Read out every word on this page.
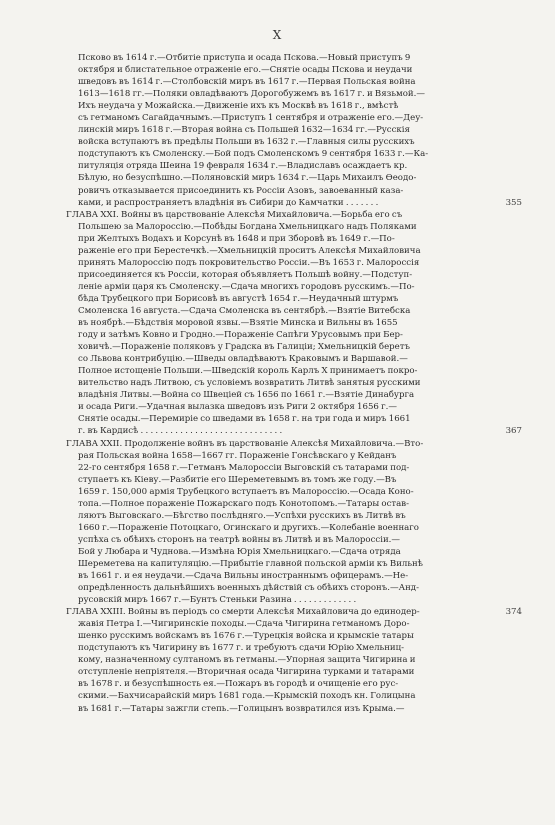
X
Псково въ 1614 г.—Отбитіе приступа и осада Пскова.—Новый приступъ 9
октября и блистательное отраженіе его.—Снятіе осады Пскова и неудачи
шведовъ въ 1614 г.—Столбовскій миръ въ 1617 г.—Первая Польская война
1613—1618 гг.—Поляки овладѣваютъ Дорогобужемъ въ 1617 г. и Вязьмой.—
Ихъ неудача у Можайска.—Движеніе ихъ къ Москвѣ въ 1618 г., вмѣстѣ
съ гетманомъ Сагайдачнымъ.—Приступъ 1 сентября и отраженіе его.—Деу-
линскій миръ 1618 г.—Вторая война съ Польшей 1632—1634 гг.—Русскія
войска вступаютъ въ предѣлы Польши въ 1632 г.—Главныя силы русскихъ
подступаютъ къ Смоленску.—Бой подъ Смоленскомъ 9 сентября 1633 г.—Ка-
питуляція отряда Шеина 19 февраля 1634 г.—Владиславъ осаждаетъ кр.
Бѣлую, но безуспѣшно.—Поляновскій миръ 1634 г.—Царь Михаилъ Ѳеодо-
ровичъ отказывается присоединить къ Россіи Азовъ, завоеванный каза-
ками, и распространяетъ владѣнія въ Сибири до Камчатки . . . . . . .	355
ГЛАВА XXI. Войны въ царствованіе Алексѣя Михайловича.—Борьба его съ
Польшею за Малороссію.—Побѣды Богдана Хмельницкаго надъ Поляками
при Желтыхъ Водахъ и Корсунѣ въ 1648 и при Зборовѣ въ 1649 г.—По-
раженіе его при Берестечкѣ.—Хмельницкій проситъ Алексѣя Михайловича
принять Малороссію подъ покровительство Россіи.—Въ 1653 г. Малороссія
присоединяется къ Россіи, которая объявляетъ Польшѣ войну.—Подступ-
леніе арміи царя къ Смоленску.—Сдача многихъ городовъ русскимъ.—По-
бѣда Трубецкого при Борисовѣ въ августѣ 1654 г.—Неудачный штурмъ
Смоленска 16 августа.—Сдача Смоленска въ сентябрѣ.—Взятіе Витебска
въ ноябрѣ.—Бѣдствія моровой язвы.—Взятіе Минска и Вильны въ 1655
году и затѣмъ Ковно и Гродно.—Пораженіе Сапѣги Урусовымъ при Бер-
ховичѣ.—Пораженіе поляковъ у Градска въ Галиціи; Хмельницкій беретъ
со Львова контрибуцію.—Шведы овладѣваютъ Краковымъ и Варшавой.—
Полное истощеніе Польши.—Шведскій король Карлъ X принимаетъ покро-
вительство надъ Литвою, съ условіемъ возвратить Литвѣ занятыя русскими
владѣнія Литвы.—Война со Швеціей съ 1656 по 1661 г.—Взятіе Динабурга
и осада Риги.—Удачная вылазка шведовъ изъ Риги 2 октября 1656 г.—
Снятіе осады.—Перемиріе со шведами въ 1658 г. на три года и миръ 1661
г. въ Кардисѣ . . . . . . . . . . . . . . . . . . . . . . . . . . . . .	367
ГЛАВА XXII. Продолженіе войнъ въ царствованіе Алексѣя Михайловича.—Вто-
рая Польская война 1658—1667 гг. Пораженіе Гонсѣвскаго у Кейданъ
22-го сентября 1658 г.—Гетманъ Малороссіи Выговскій съ татарами под-
ступаетъ къ Кіеву.—Разбитіе его Шереметевымъ въ томъ же году.—Въ
1659 г. 150,000 армія Трубецкого вступаетъ въ Малороссію.—Осада Коно-
топа.—Полное пораженіе Пожарскаго подъ Конотопомъ.—Татары остав-
ляютъ Выговскаго.—Бѣгство послѣдняго.—Успѣхи русскихъ въ Литвѣ въ
1660 г.—Пораженіе Потоцкаго, Огинскаго и другихъ.—Колебаніе военнаго
успѣха съ обѣихъ сторонъ на театрѣ войны въ Литвѣ и въ Малороссіи.—
Бой у Любара и Чуднова.—Измѣна Юрія Хмельницкаго.—Сдача отряда
Шереметева на капитуляцію.—Прибытіе главной польской арміи къ Вильнѣ
въ 1661 г. и ея неудачи.—Сдача Вильны иностраннымъ офицерамъ.—Не-
опредѣленность дальнѣйшихъ военныхъ дѣйствій съ обѣихъ сторонъ.—Анд-
русовскій миръ 1667 г.—Бунтъ Стеньки Разина . . . . . . . . . . . . .
374
ГЛАВА XXIII. Войны въ періодъ со смерти Алексѣя Михайловича до единодер-
жавія Петра I.—Чигиринскіе походы.—Сдача Чигирина гетманомъ Доро-
шенко русскимъ войскамъ въ 1676 г.—Турецкія войска и крымскіе татары
подступаютъ къ Чигирину въ 1677 г. и требуютъ сдачи Юрію Хмельниц-
кому, назначенному султаномъ въ гетманы.—Упорная защита Чигирина и
отступленіе непріятеля.—Вторичная осада Чигирина турками и татарами
въ 1678 г. и безуспѣшность ея.—Пожаръ въ городѣ и очищеніе его рус-
скими.—Бахчисарайскій миръ 1681 года.—Крымскій походъ кн. Голицына
въ 1681 г.—Татары зажгли степь.—Голицынъ возвратился изъ Крыма.—
